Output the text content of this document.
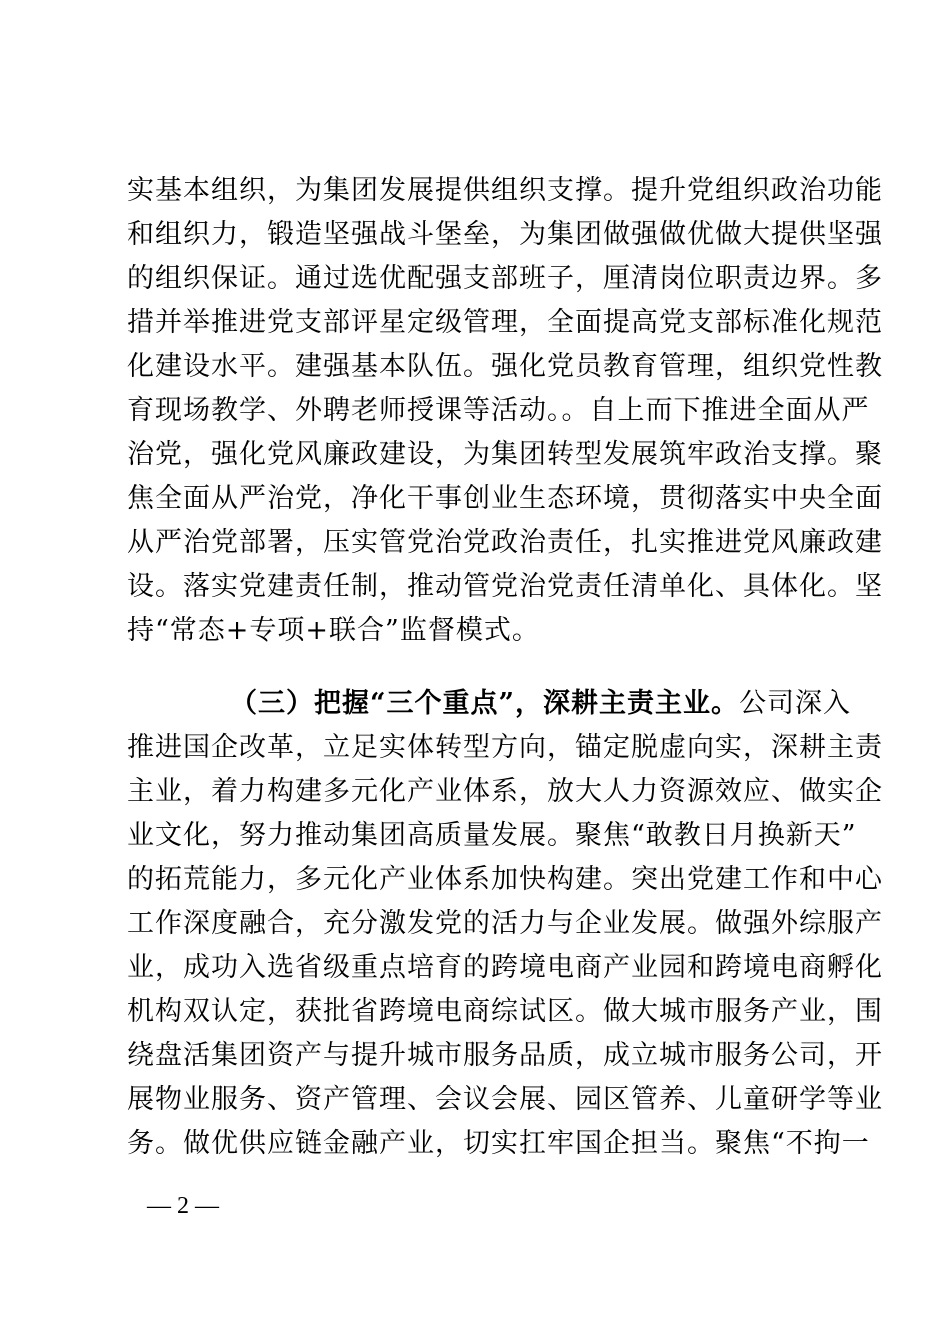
实基本组织，为集团发展提供组织支撑。提升党组织政治功能
和组织力，锻造坚强战斗堡垒，为集团做强做优做大提供坚强
的组织保证。通过选优配强支部班子，厘清岗位职责边界。多
措并举推进党支部评星定级管理，全面提高党支部标准化规范
化建设水平。建强基本队伍。强化党员教育管理，组织党性教
育现场教学、外聘老师授课等活动。。自上而下推进全面从严
治党，强化党风廉政建设，为集团转型发展筑牢政治支撑。聚
焦全面从严治党，净化干事创业生态环境，贯彻落实中央全面
从严治党部署，压实管党治党政治责任，扎实推进党风廉政建
设。落实党建责任制，推动管党治党责任清单化、具体化。坚
持“常态+专项+联合”监督模式。
（三）把握“三个重点”，深耕主责主业。公司深入
推进国企改革，立足实体转型方向，锚定脱虚向实，深耕主责
主业，着力构建多元化产业体系，放大人力资源效应、做实企
业文化，努力推动集团高质量发展。聚焦“敢教日月换新天”
的拓荒能力，多元化产业体系加快构建。突出党建工作和中心
工作深度融合，充分激发党的活力与企业发展。做强外综服产
业，成功入选省级重点培育的跨境电商产业园和跨境电商孵化
机构双认定，获批省跨境电商综试区。做大城市服务产业，围
绕盘活集团资产与提升城市服务品质，成立城市服务公司，开
展物业服务、资产管理、会议会展、园区管养、儿童研学等业
务。做优供应链金融产业，切实扛牢国企担当。聚焦“不拘一
— 2 —
